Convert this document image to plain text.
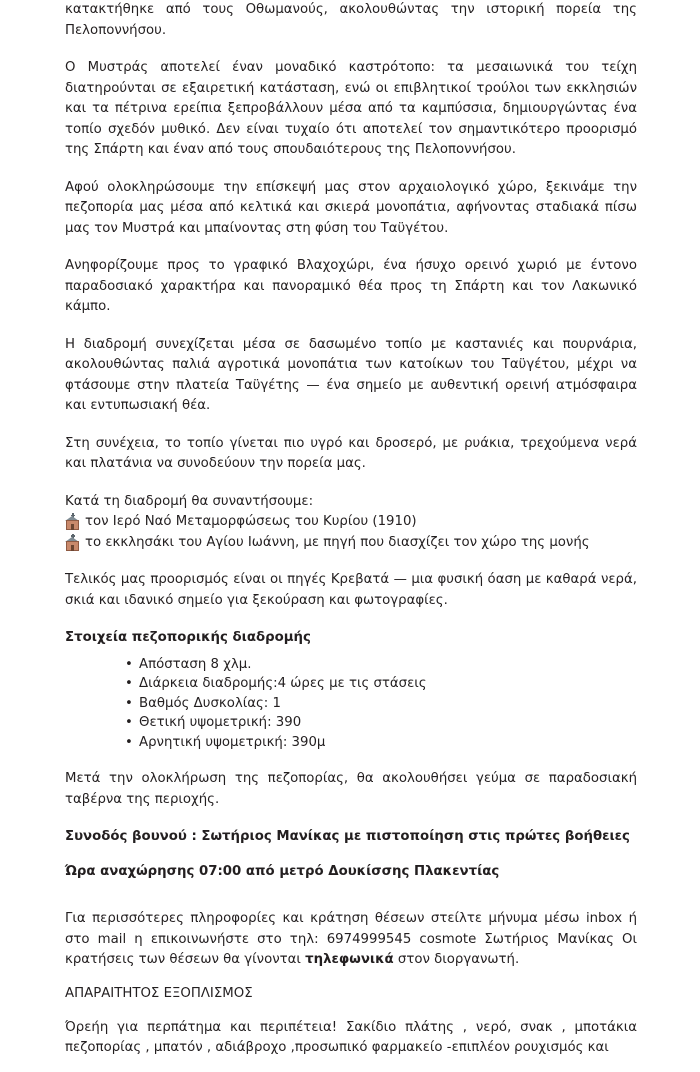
κατακτήθηκε από τους Οθωμανούς, ακολουθώντας την ιστορική πορεία της Πελοποννήσου.

Ο Μυστράς αποτελεί έναν μοναδικό καστρότοπο: τα μεσαιωνικά του τείχη διατηρούνται σε εξαιρετική κατάσταση, ενώ οι επιβλητικοί τρούλοι των εκκλησιών και τα πέτρινα ερείπια ξεπροβάλλουν μέσα από τα καμπύσσια, δημιουργώντας ένα τοπίο σχεδόν μυθικό. Δεν είναι τυχαίο ότι αποτελεί τον σημαντικότερο προορισμό της Σπάρτη και έναν από τους σπουδαιότερους της Πελοποννήσου.

Αφού ολοκληρώσουμε την επίσκεψή μας στον αρχαιολογικό χώρο, ξεκινάμε την πεζοπορία μας μέσα από κελτικά και σκιερά μονοπάτια, αφήνοντας σταδιακά πίσω μας τον Μυστρά και μπαίνοντας στη φύση του Ταϋγέτου.

Ανηφορίζουμε προς το γραφικό Βλαχοχώρι, ένα ήσυχο ορεινό χωριό με έντονο παραδοσιακό χαρακτήρα και πανοραμικό θέα προς τη Σπάρτη και τον Λακωνικό κάμπο.

Η διαδρομή συνεχίζεται μέσα σε δασωμένο τοπίο με καστανιές και πουρνάρια, ακολουθώντας παλιά αγροτικά μονοπάτια των κατοίκων του Ταϋγέτου, μέχρι να φτάσουμε στην πλατεία Ταϋγέτης — ένα σημείο με αυθεντική ορεινή ατμόσφαιρα και εντυπωσιακή θέα.

Στη συνέχεια, το τοπίο γίνεται πιο υγρό και δροσερό, με ρυάκια, τρεχούμενα νερά και πλατάνια να συνοδεύουν την πορεία μας.

Κατά τη διαδρομή θα συναντήσουμε:

τον Ιερό Ναό Μεταμορφώσεως του Κυρίου (1910)
το εκκλησάκι του Αγίου Ιωάννη, με πηγή που διασχίζει τον χώρο της μονής

Τελικός μας προορισμός είναι οι πηγές Κρεβατά — μια φυσική όαση με καθαρά νερά, σκιά και ιδανικό σημείο για ξεκούραση και φωτογραφίες.

Στοιχεία πεζοπορικής διαδρομής

• Απόσταση 8 χλμ.
• Διάρκεια διαδρομής:4 ώρες με τις στάσεις
• Βαθμός Δυσκολίας: 1
• Θετική υψομετρική: 390
• Αρνητική υψομετρική: 390μ

Μετά την ολοκλήρωση της πεζοπορίας, θα ακολουθήσει γεύμα σε παραδοσιακή ταβέρνα της περιοχής.

Συνοδός βουνού : Σωτήριος Μανίκας με πιστοποίηση στις πρώτες βοήθειες

Ώρα αναχώρησης 07:00 από μετρό Δουκίσσης Πλακεντίας

Για περισσότερες πληροφορίες και κράτηση θέσεων στείλτε μήνυμα μέσω inbox ή στο mail η επικοινωνήστε στο τηλ: 6974999545 cosmote Σωτήριος Μανίκας Οι κρατήσεις των θέσεων θα γίνονται τηλεφωνικά στον διοργανωτή.

ΑΠΑΡΑΙΤΗΤΟΣ ΕΞΟΠΛΙΣΜΟΣ

Όρεήη για περπάτημα και περιπέτεια! Σακίδιο πλάτης , νερό, σνακ , μποτάκια πεζοπορίας , μπατόν , αδιάβροχο ,προσωπικό φαρμακείο -επιπλέον ρουχισμός και
